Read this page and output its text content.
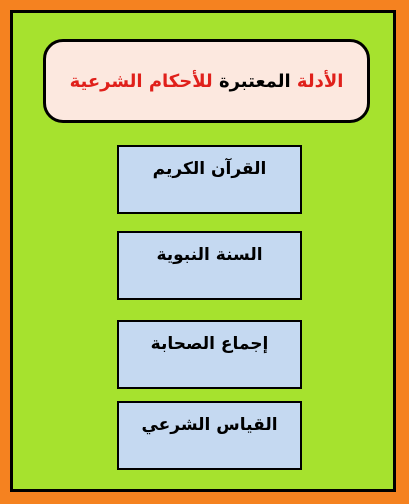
الأدلة

المعتبرة

للأحكام الشرعية
القرآن الكريم
السنة النبوية
إجماع الصحابة
القياس الشرعي
